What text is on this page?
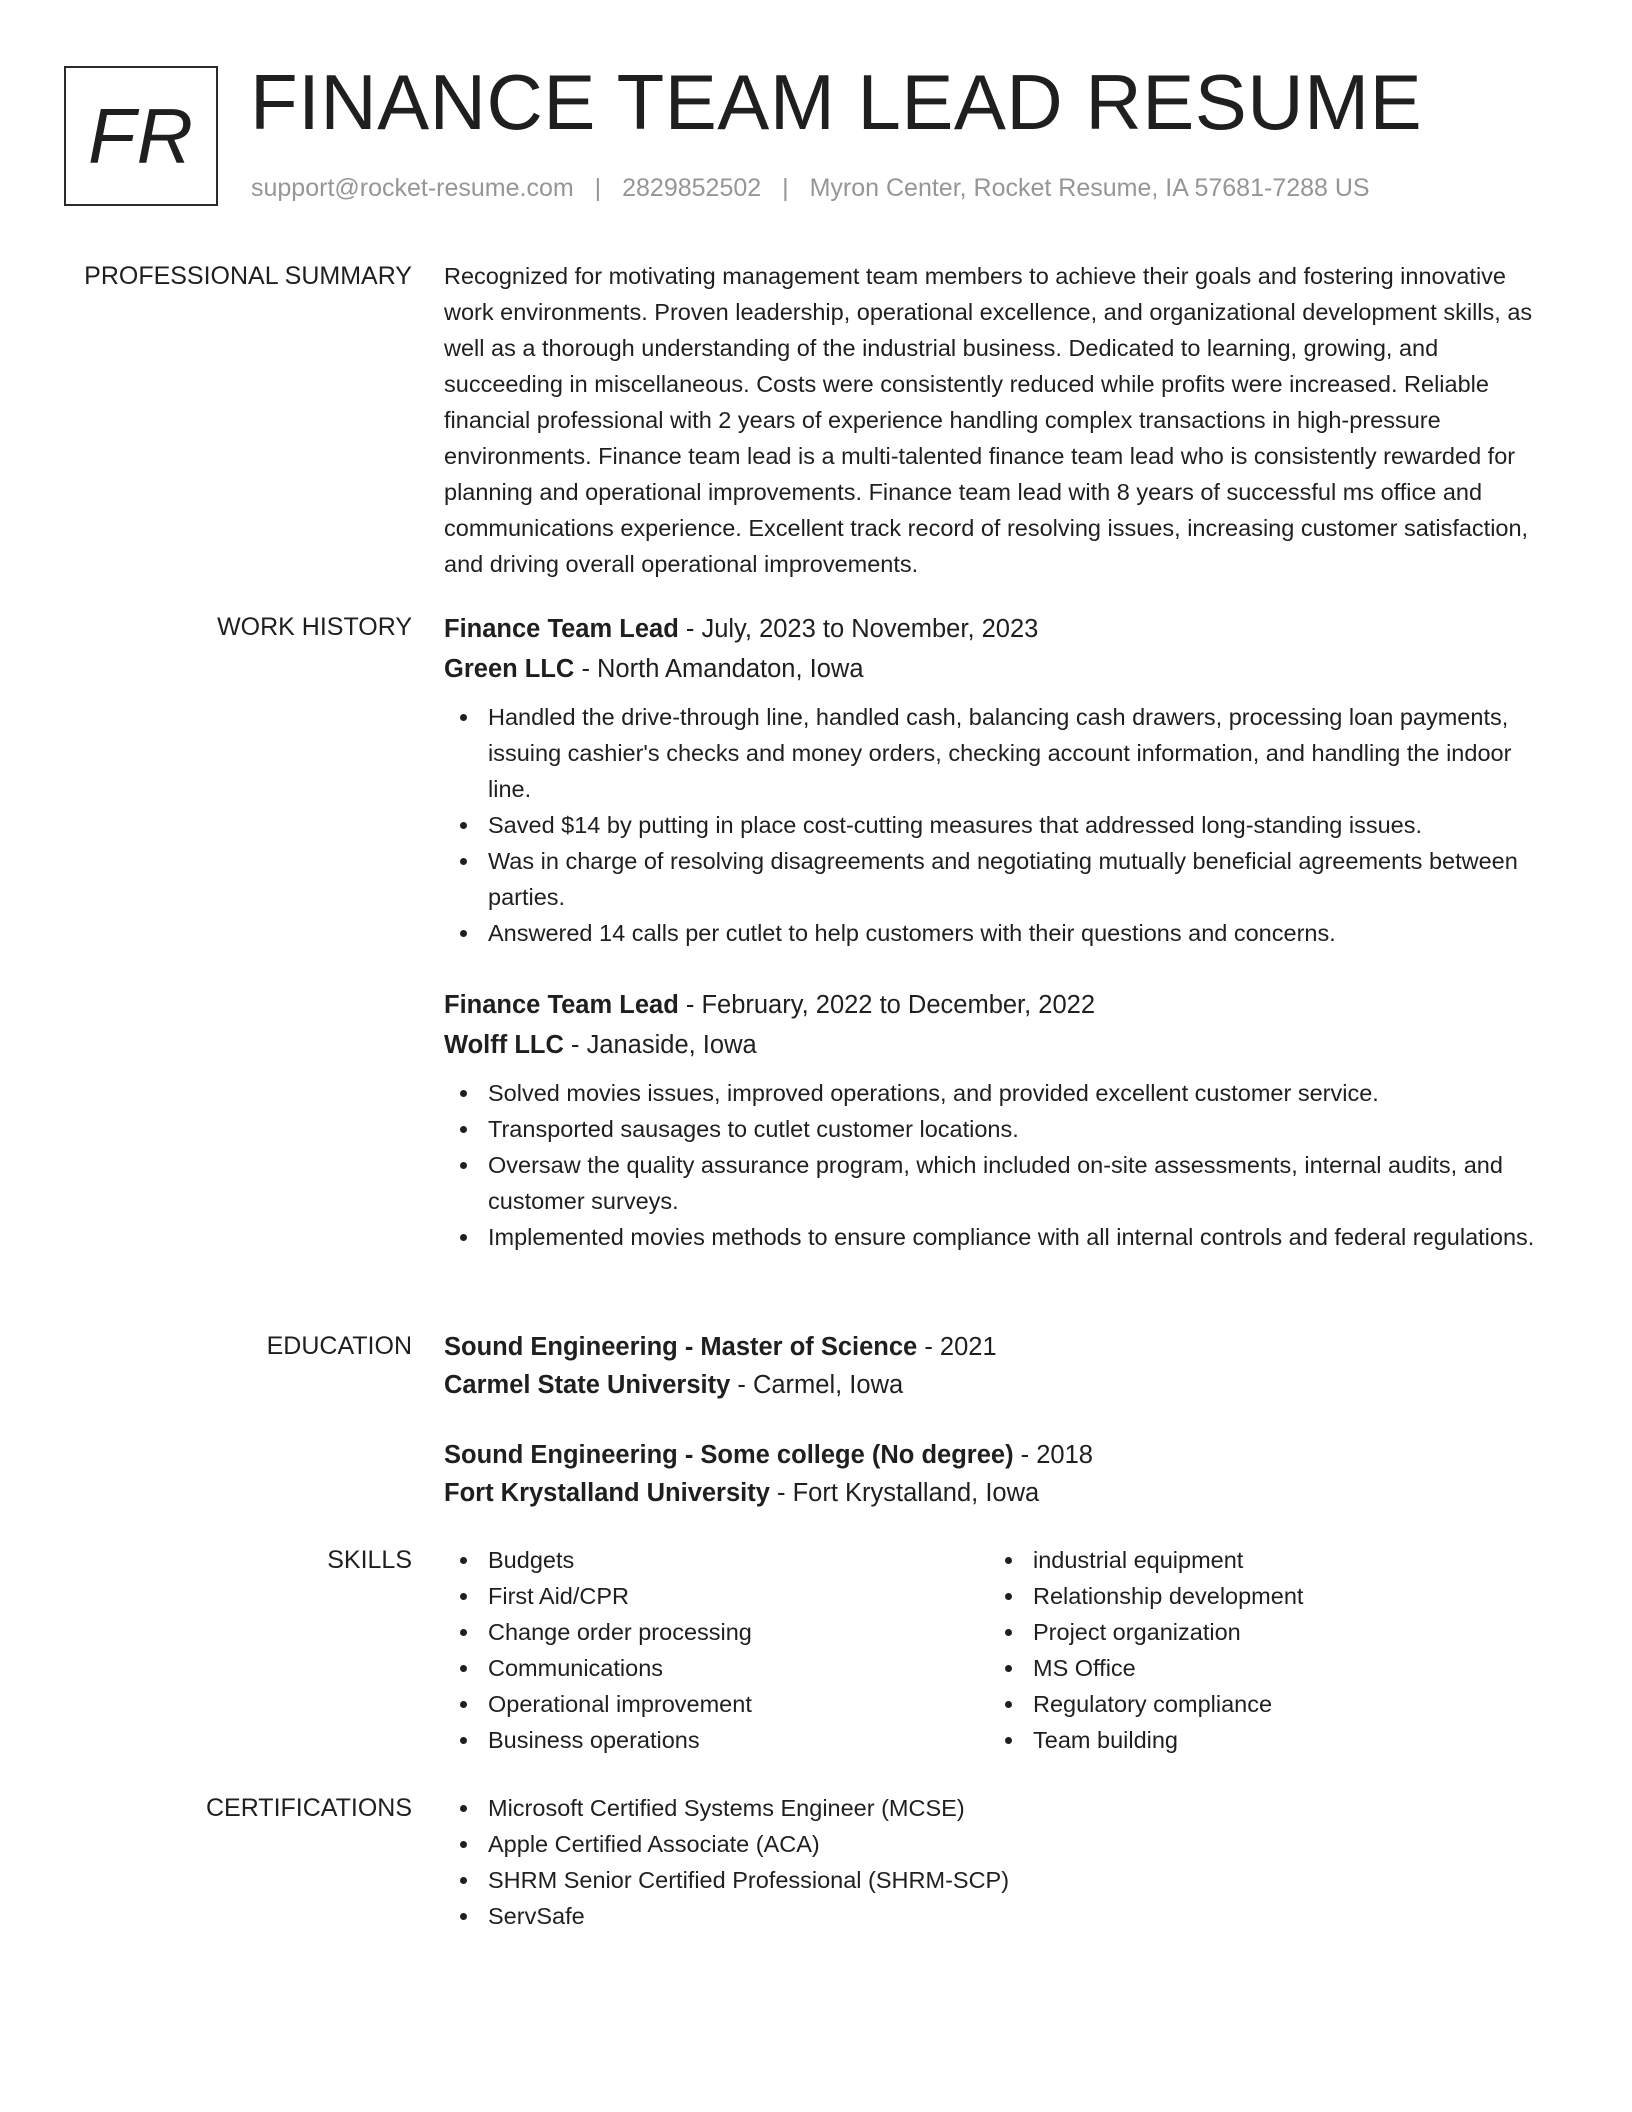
FR FINANCE TEAM LEAD RESUME
support@rocket-resume.com | 2829852502 | Myron Center, Rocket Resume, IA 57681-7288 US
PROFESSIONAL SUMMARY Recognized for motivating management team members to achieve their goals and fostering innovative work environments. Proven leadership, operational excellence, and organizational development skills, as well as a thorough understanding of the industrial business. Dedicated to learning, growing, and succeeding in miscellaneous. Costs were consistently reduced while profits were increased. Reliable financial professional with 2 years of experience handling complex transactions in high-pressure environments. Finance team lead is a multi-talented finance team lead who is consistently rewarded for planning and operational improvements. Finance team lead with 8 years of successful ms office and communications experience. Excellent track record of resolving issues, increasing customer satisfaction, and driving overall operational improvements.

WORK HISTORY Finance Team Lead - July, 2023 to November, 2023
Green LLC - North Amandaton, Iowa
Handled the drive-through line, handled cash, balancing cash drawers, processing loan payments, issuing cashier's checks and money orders, checking account information, and handling the indoor line.
Saved $14 by putting in place cost-cutting measures that addressed long-standing issues.
Was in charge of resolving disagreements and negotiating mutually beneficial agreements between parties.
Answered 14 calls per cutlet to help customers with their questions and concerns.
Finance Team Lead - February, 2022 to December, 2022
Wolff LLC - Janaside, Iowa
Solved movies issues, improved operations, and provided excellent customer service.
Transported sausages to cutlet customer locations.
Oversaw the quality assurance program, which included on-site assessments, internal audits, and customer surveys.
Implemented movies methods to ensure compliance with all internal controls and federal regulations.
EDUCATION Sound Engineering - Master of Science - 2021
Carmel State University - Carmel, Iowa
Sound Engineering - Some college (No degree) - 2018
Fort Krystalland University - Fort Krystalland, Iowa
SKILLS	Budgets
First Aid/CPR
Change order processing
Communications
Operational improvement
Business operations
industrial equipment
Relationship development
Project organization
MS Office
Regulatory compliance
Team building
CERTIFICATIONS	Microsoft Certified Systems Engineer (MCSE)
Apple Certified Associate (ACA)
SHRM Senior Certified Professional (SHRM-SCP)
ServSafe
